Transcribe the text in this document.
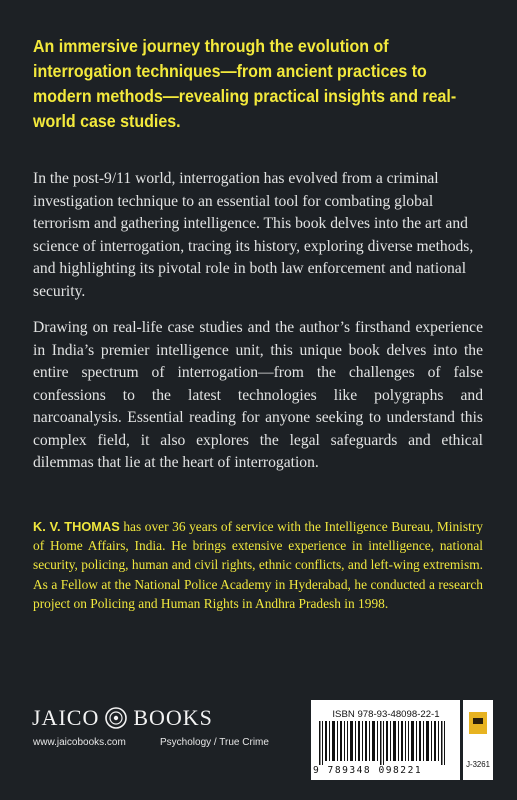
An immersive journey through the evolution of interrogation techniques—from ancient practices to modern methods—revealing practical insights and real-world case studies.
In the post-9/11 world, interrogation has evolved from a criminal investigation technique to an essential tool for combating global terrorism and gathering intelligence. This book delves into the art and science of interrogation, tracing its history, exploring diverse methods, and highlighting its pivotal role in both law enforcement and national security.
Drawing on real-life case studies and the author’s firsthand experience in India’s premier intelligence unit, this unique book delves into the entire spectrum of interrogation—from the challenges of false confessions to the latest technologies like polygraphs and narcoanalysis. Essential reading for anyone seeking to understand this complex field, it also explores the legal safeguards and ethical dilemmas that lie at the heart of interrogation.
K. V. THOMAS has over 36 years of service with the Intelligence Bureau, Ministry of Home Affairs, India. He brings extensive experience in intelligence, national security, policing, human and civil rights, ethnic conflicts, and left-wing extremism. As a Fellow at the National Police Academy in Hyderabad, he conducted a research project on Policing and Human Rights in Andhra Pradesh in 1998.
JAICO BOOKS
www.jaicobooks.com	Psychology / True Crime
ISBN 978-93-48098-22-1
9 789348 098221
J-3261
